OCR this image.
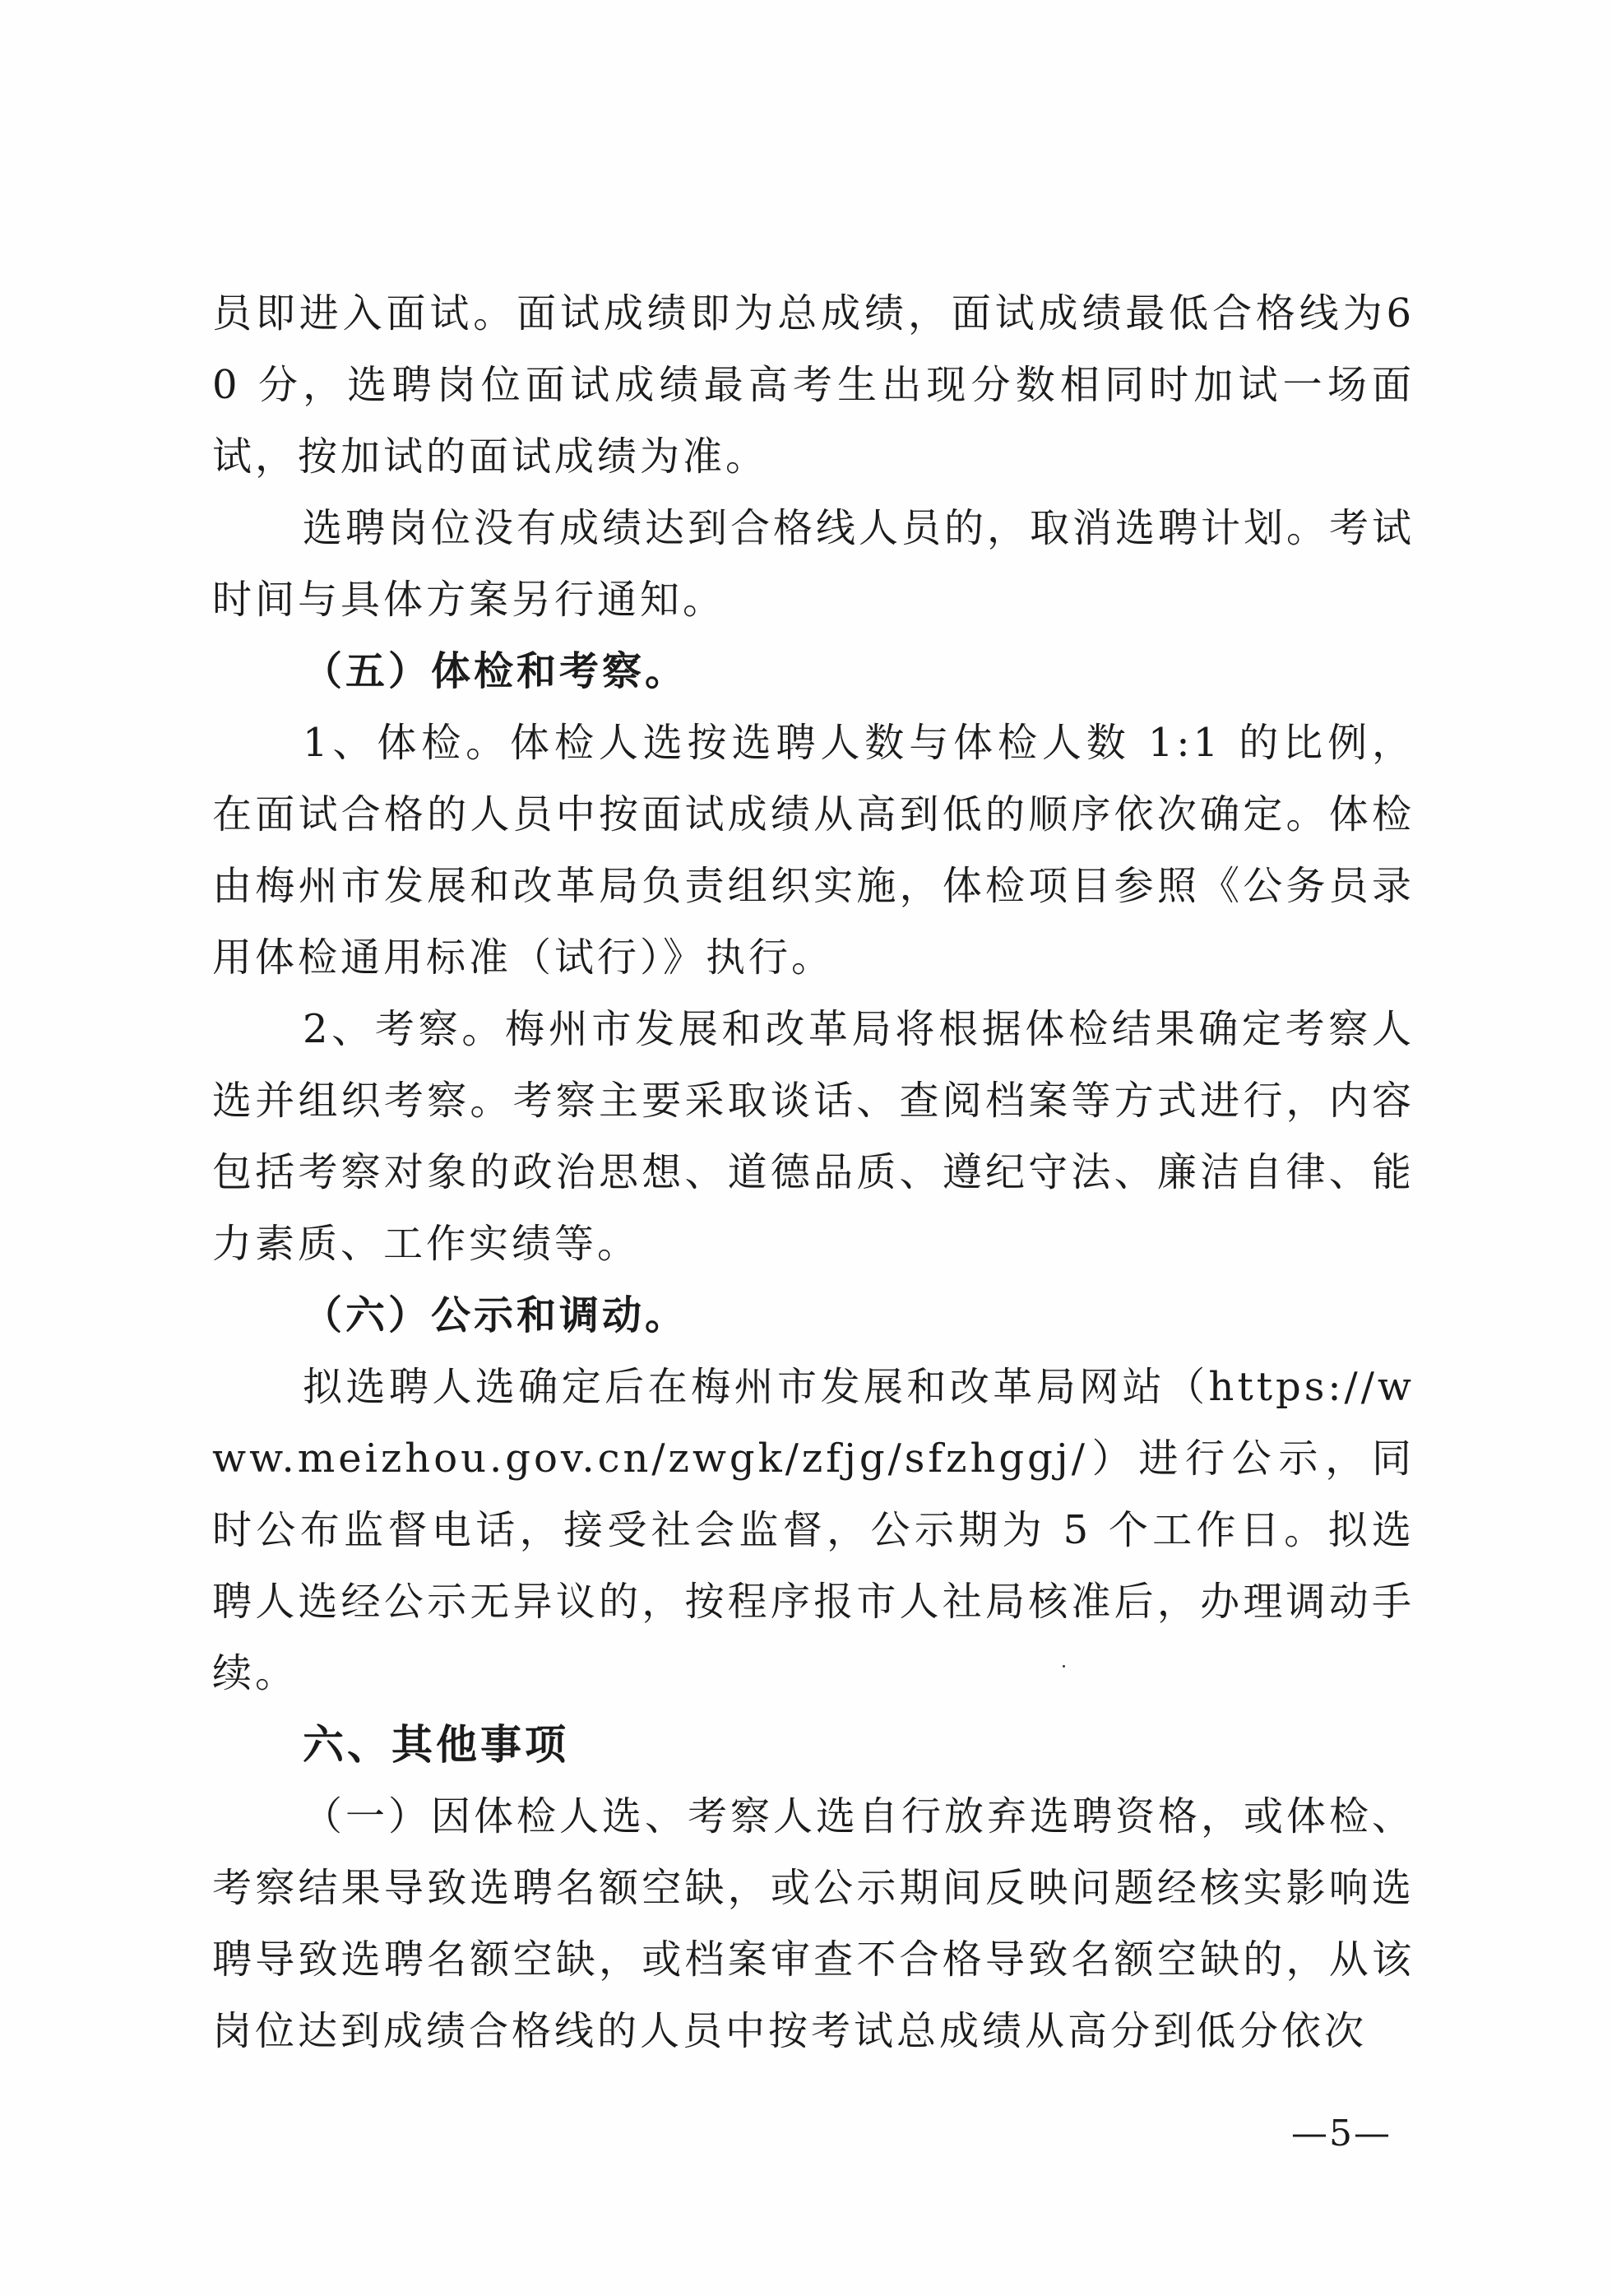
员即进入面试。面试成绩即为总成绩，面试成绩最低合格线为60 分，选聘岗位面试成绩最高考生出现分数相同时加试一场面试，按加试的面试成绩为准。

选聘岗位没有成绩达到合格线人员的，取消选聘计划。考试时间与具体方案另行通知。

（五）体检和考察。

1、体检。体检人选按选聘人数与体检人数 1:1 的比例，在面试合格的人员中按面试成绩从高到低的顺序依次确定。体检由梅州市发展和改革局负责组织实施，体检项目参照《公务员录用体检通用标准（试行）》执行。

2、考察。梅州市发展和改革局将根据体检结果确定考察人选并组织考察。考察主要采取谈话、查阅档案等方式进行，内容包括考察对象的政治思想、道德品质、遵纪守法、廉洁自律、能力素质、工作实绩等。

（六）公示和调动。

拟选聘人选确定后在梅州市发展和改革局网站（https://www.meizhou.gov.cn/zwgk/zfjg/sfzhggj/）进行公示，同时公布监督电话，接受社会监督，公示期为 5 个工作日。拟选聘人选经公示无异议的，按程序报市人社局核准后，办理调动手续。

六、其他事项

（一）因体检人选、考察人选自行放弃选聘资格，或体检、考察结果导致选聘名额空缺，或公示期间反映问题经核实影响选聘导致选聘名额空缺，或档案审查不合格导致名额空缺的，从该岗位达到成绩合格线的人员中按考试总成绩从高分到低分依次

—5—
